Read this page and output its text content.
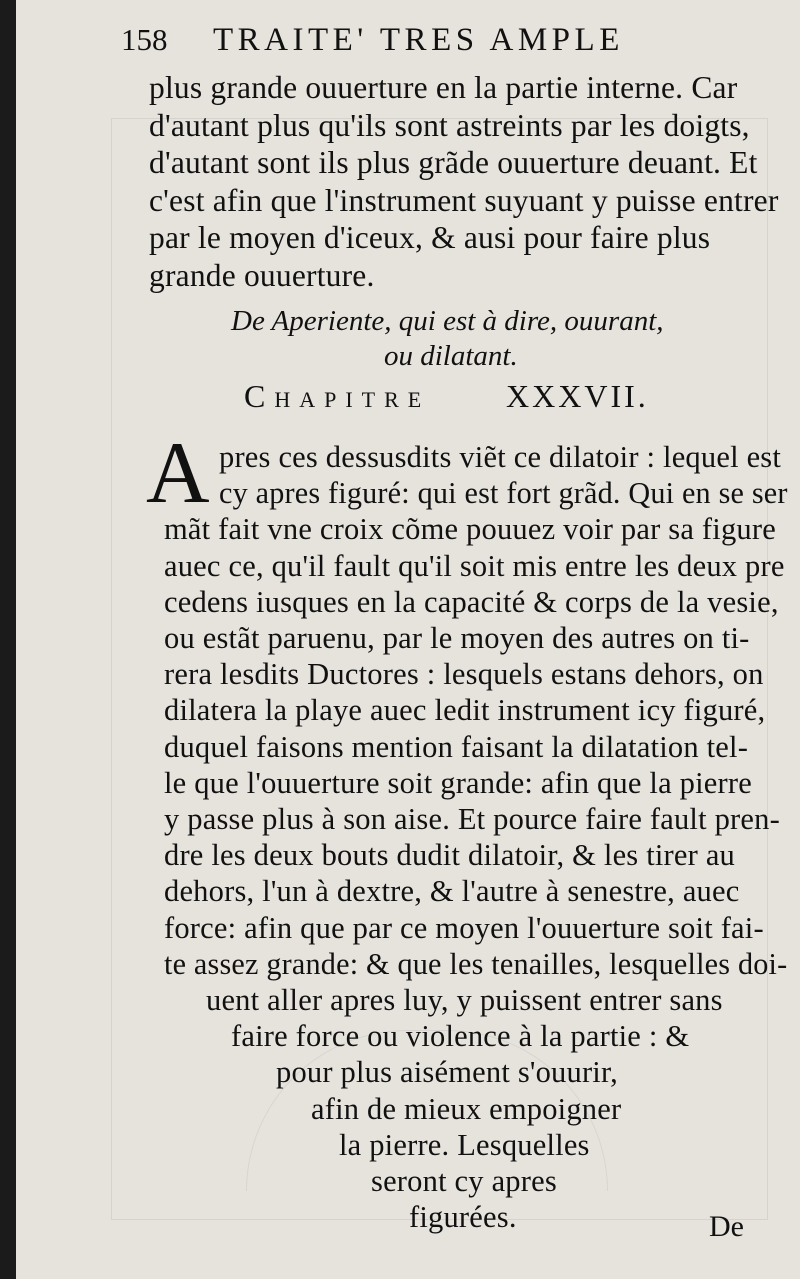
158 TRAITE' TRES AMPLE
plus grande ouuerture en la partie interne. Car
d'autant plus qu'ils sont astreints par les doigts,
d'autant sont ils plus grãde ouuerture deuant. Et
c'est afin que l'instrument suyuant y puisse entrer
par le moyen d'iceux, & ausi pour faire plus
grande ouuerture.
De Aperiente, qui est à dire, ouurant,
ou dilatant.
Chapitre XXXVII.
A pres ces dessusdits viẽt ce dilatoir : lequel est
cy apres figuré: qui est fort grãd. Qui en se ser
mãt fait vne croix cõme pouuez voir par sa figure
auec ce, qu'il fault qu'il soit mis entre les deux pre
cedens iusques en la capacité & corps de la vesie,
ou estãt paruenu, par le moyen des autres on ti-
rera lesdits Ductores : lesquels estans dehors, on
dilatera la playe auec ledit instrument icy figuré,
duquel faisons mention faisant la dilatation tel-
le que l'ouuerture soit grande: afin que la pierre
y passe plus à son aise. Et pource faire fault pren-
dre les deux bouts dudit dilatoir, & les tirer au
dehors, l'un à dextre, & l'autre à senestre, auec
force: afin que par ce moyen l'ouuerture soit fai-
te assez grande: & que les tenailles, lesquelles doi-
uent aller apres luy, y puissent entrer sans
faire force ou violence à la partie : &
pour plus aisément s'ouurir,
afin de mieux empoigner
la pierre. Lesquelles
seront cy apres
figurées.	De
